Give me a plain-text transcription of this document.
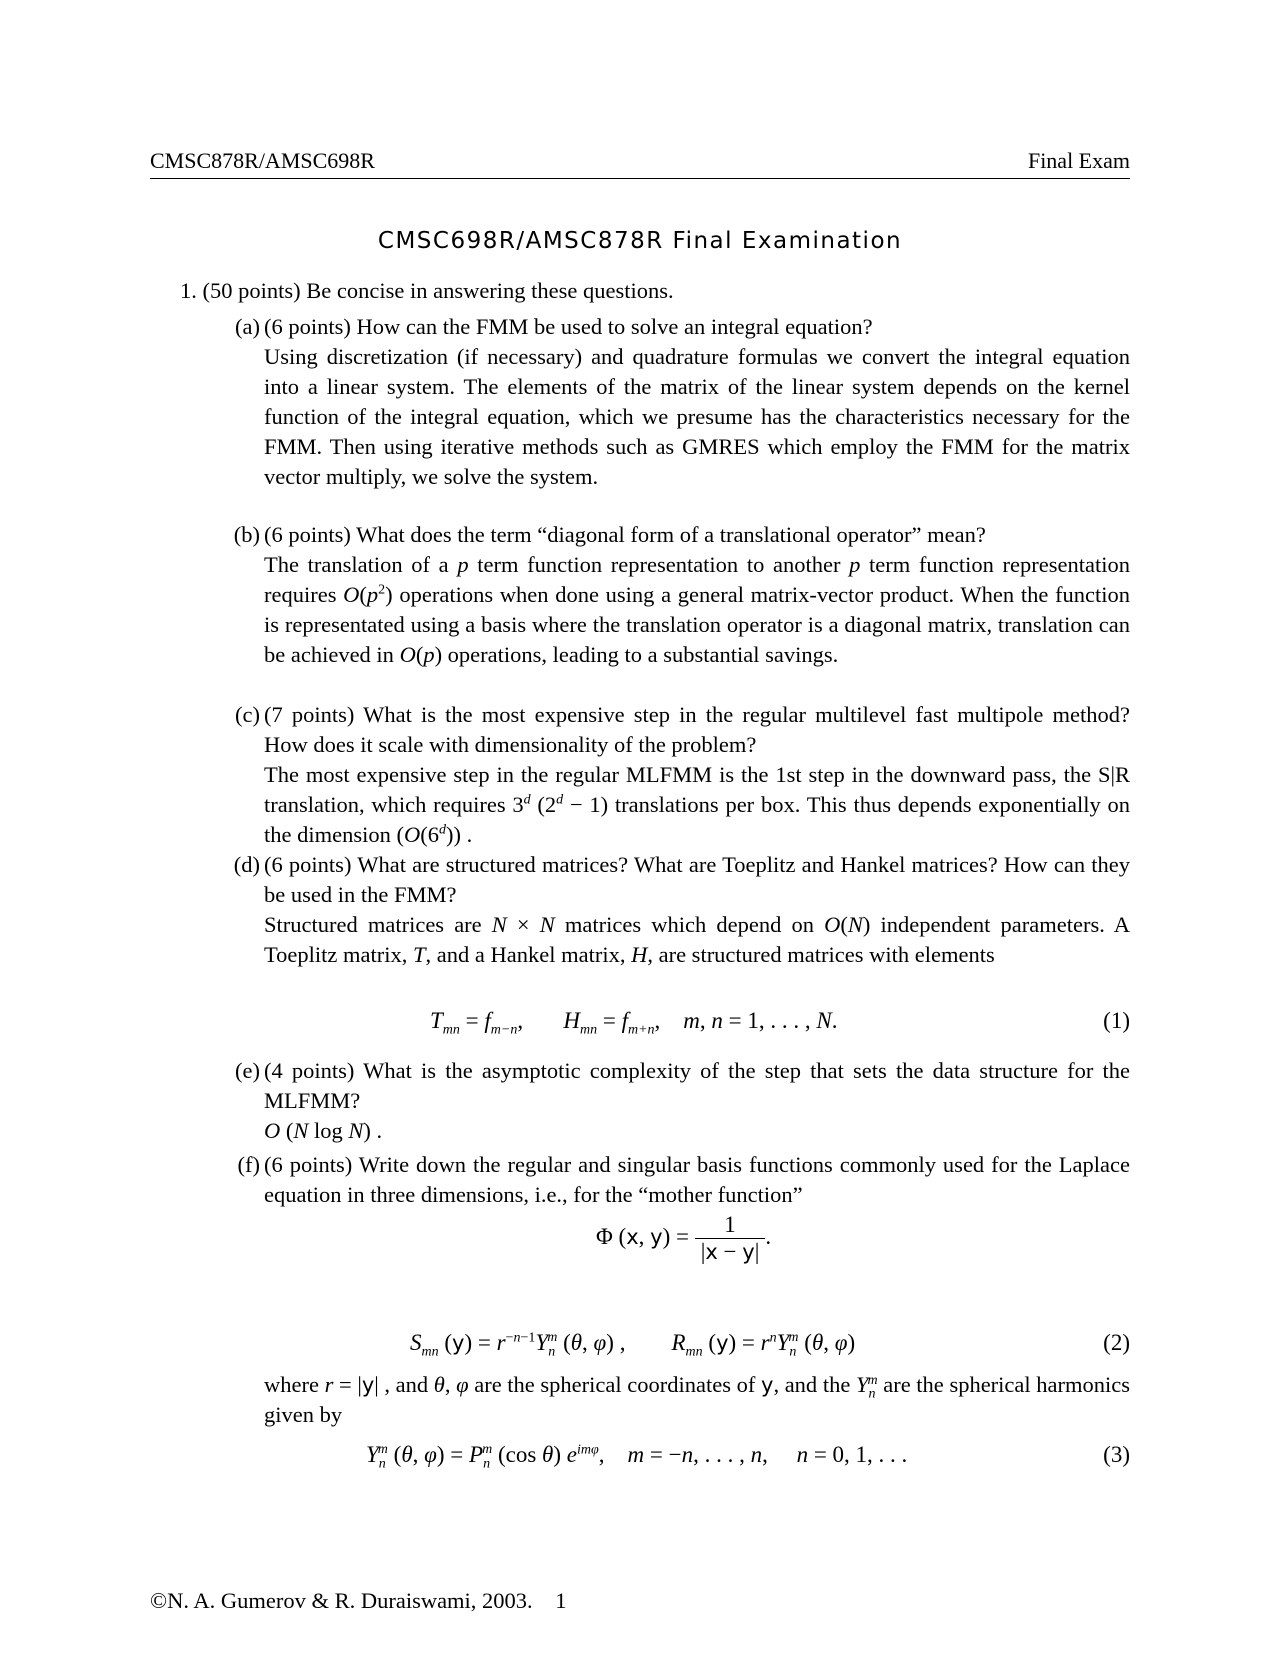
CMSC878R/AMSC698R	Final Exam
CMSC698R/AMSC878R Final Examination
1. (50 points) Be concise in answering these questions.
(a) (6 points) How can the FMM be used to solve an integral equation?

Using discretization (if necessary) and quadrature formulas we convert the integral equation into a linear system. The elements of the matrix of the linear system depends on the kernel function of the integral equation, which we presume has the characteristics necessary for the FMM. Then using iterative methods such as GMRES which employ the FMM for the matrix vector multiply, we solve the system.

(b) (6 points) What does the term “diagonal form of a translational operator” mean?

The translation of a p term function representation to another p term function representation requires $O(p^2)$ operations when done using a general matrix-vector product. When the function is representated using a basis where the translation operator is a diagonal matrix, translation can be achieved in O(p) operations, leading to a substantial savings.

(c) (7 points) What is the most expensive step in the regular multilevel fast multipole method? How does it scale with dimensionality of the problem?

The most expensive step in the regular MLFMM is the 1st step in the downward pass, the S|R translation, which requires 3$^d$ $(2^d - 1)$ translations per box. This thus depends exponentially on the dimension (O(6$^d$)) .

(d) (6 points) What are structured matrices? What are Toeplitz and Hankel matrices? How can they be used in the FMM?

Structured matrices are N × N matrices which depend on O(N) independent parameters. A Toeplitz matrix, T, and a Hankel matrix, H, are structured matrices with elements

$T_{mn} = f_{m-n}$,       $H_{mn} = f_{m+n}$,    m, n = 1, . . . , N.	(1)
(e) (4 points) What is the asymptotic complexity of the step that sets the data structure for the MLFMM?

O (N log N) .

(f) (6 points) Write down the regular and singular basis functions commonly used for the Laplace equation in three dimensions, i.e., for the “mother function”

Φ (x, $y) = \frac{1}{|x - y|}$ .
$S_{mn}$ $(y) = r^{-n-1}Y_n^m$ (θ, φ) ,        $R_{mn}$ $(y) = r^nY_n^m$ (θ, φ)	(2)
where r = |y| , and θ, φ are the spherical coordinates of y, and the $Y_n^m$ are the spherical harmonics given by
$Y_n^m$ (θ, $\varphi) = P_n^m$ (cos θ) $e^{im\varphi}$,    m = −n, . . . , n,     n = 0, 1, . . .	(3)
©N. A. Gumerov & R. Duraiswami, 2003. 1
